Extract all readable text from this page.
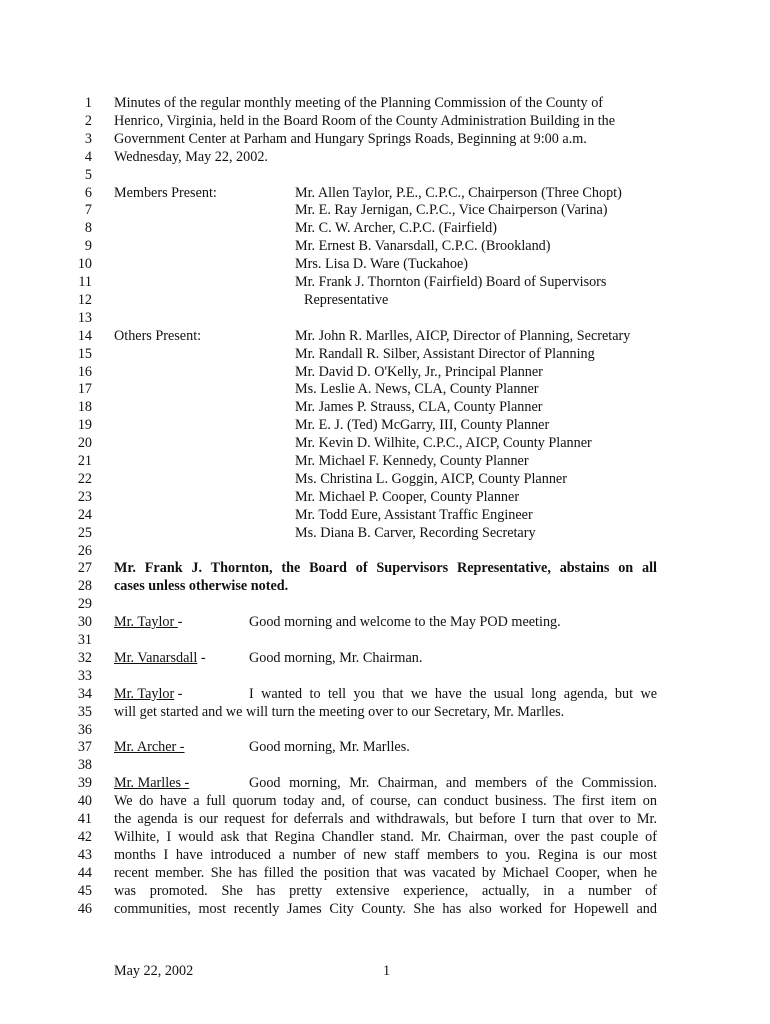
1 Minutes of the regular monthly meeting of the Planning Commission of the County of
2 Henrico, Virginia, held in the Board Room of the County Administration Building in the
3 Government Center at Parham and Hungary Springs Roads, Beginning at 9:00 a.m.
4 Wednesday, May 22, 2002.
5
6 Members Present:	Mr. Allen Taylor, P.E., C.P.C., Chairperson (Three Chopt)
7	Mr. E. Ray Jernigan, C.P.C., Vice Chairperson (Varina)
8	Mr. C. W. Archer, C.P.C. (Fairfield)
9	Mr. Ernest B. Vanarsdall, C.P.C. (Brookland)
10	Mrs. Lisa D. Ware (Tuckahoe)
11	Mr. Frank J. Thornton (Fairfield) Board of Supervisors
12	Representative
13
14 Others Present:	Mr. John R. Marlles, AICP, Director of Planning, Secretary
15	Mr. Randall R. Silber, Assistant Director of Planning
16	Mr. David D. O'Kelly, Jr., Principal Planner
17	Ms. Leslie A. News, CLA, County Planner
18	Mr. James P. Strauss, CLA, County Planner
19	Mr. E. J. (Ted) McGarry, III, County Planner
20	Mr. Kevin D. Wilhite, C.P.C., AICP, County Planner
21	Mr. Michael F. Kennedy, County Planner
22	Ms. Christina L. Goggin, AICP, County Planner
23	Mr. Michael P. Cooper, County Planner
24	Mr. Todd Eure, Assistant Traffic Engineer
25	Ms. Diana B. Carver, Recording Secretary
26
27 Mr. Frank J. Thornton, the Board of Supervisors Representative, abstains on all
28 cases unless otherwise noted.
29
30 Mr. Taylor -	Good morning and welcome to the May POD meeting.
31
32 Mr. Vanarsdall -	Good morning, Mr. Chairman.
33
34 Mr. Taylor -	I wanted to tell you that we have the usual long agenda, but we
35 will get started and we will turn the meeting over to our Secretary, Mr. Marlles.
36
37 Mr. Archer -	Good morning, Mr. Marlles.
38
39 Mr. Marlles -	Good morning, Mr. Chairman, and members of the Commission.
40 We do have a full quorum today and, of course, can conduct business. The first item on
41 the agenda is our request for deferrals and withdrawals, but before I turn that over to Mr.
42 Wilhite, I would ask that Regina Chandler stand. Mr. Chairman, over the past couple of
43 months I have introduced a number of new staff members to you. Regina is our most
44 recent member. She has filled the position that was vacated by Michael Cooper, when he
45 was promoted. She has pretty extensive experience, actually, in a number of
46 communities, most recently James City County. She has also worked for Hopewell and
May 22, 2002	1
